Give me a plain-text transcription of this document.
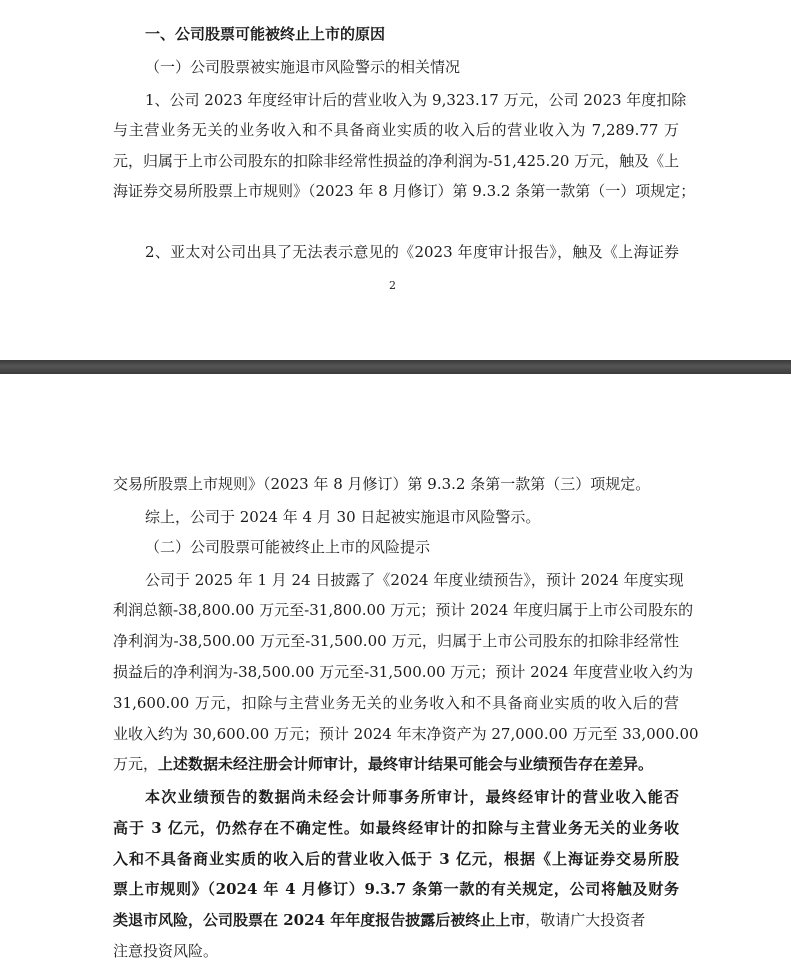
一、公司股票可能被终止上市的原因
（一）公司股票被实施退市风险警示的相关情况
1、公司 2023 年度经审计后的营业收入为 9,323.17 万元，公司 2023 年度扣除
与主营业务无关的业务收入和不具备商业实质的收入后的营业收入为 7,289.77 万
元，归属于上市公司股东的扣除非经常性损益的净利润为-51,425.20 万元，触及《上
海证券交易所股票上市规则》（2023 年 8 月修订）第 9.3.2 条第一款第（一）项规定；
2、亚太对公司出具了无法表示意见的《2023 年度审计报告》，触及《上海证券
2
交易所股票上市规则》（2023 年 8 月修订）第 9.3.2 条第一款第（三）项规定。
综上，公司于 2024 年 4 月 30 日起被实施退市风险警示。
（二）公司股票可能被终止上市的风险提示
公司于 2025 年 1 月 24 日披露了《2024 年度业绩预告》，预计 2024 年度实现
利润总额-38,800.00 万元至-31,800.00 万元；预计 2024 年度归属于上市公司股东的
净利润为-38,500.00 万元至-31,500.00 万元，归属于上市公司股东的扣除非经常性
损益后的净利润为-38,500.00 万元至-31,500.00 万元；预计 2024 年度营业收入约为
31,600.00 万元，扣除与主营业务无关的业务收入和不具备商业实质的收入后的营
业收入约为 30,600.00 万元；预计 2024 年末净资产为 27,000.00 万元至 33,000.00
万元，上述数据未经注册会计师审计，最终审计结果可能会与业绩预告存在差异。
本次业绩预告的数据尚未经会计师事务所审计，最终经审计的营业收入能否
高于 3 亿元，仍然存在不确定性。如最终经审计的扣除与主营业务无关的业务收
入和不具备商业实质的收入后的营业收入低于 3 亿元，根据《上海证券交易所股
票上市规则》（2024 年 4 月修订）9.3.7 条第一款的有关规定，公司将触及财务
类退市风险，公司股票在 2024 年年度报告披露后被终止上市，敬请广大投资者
注意投资风险。
